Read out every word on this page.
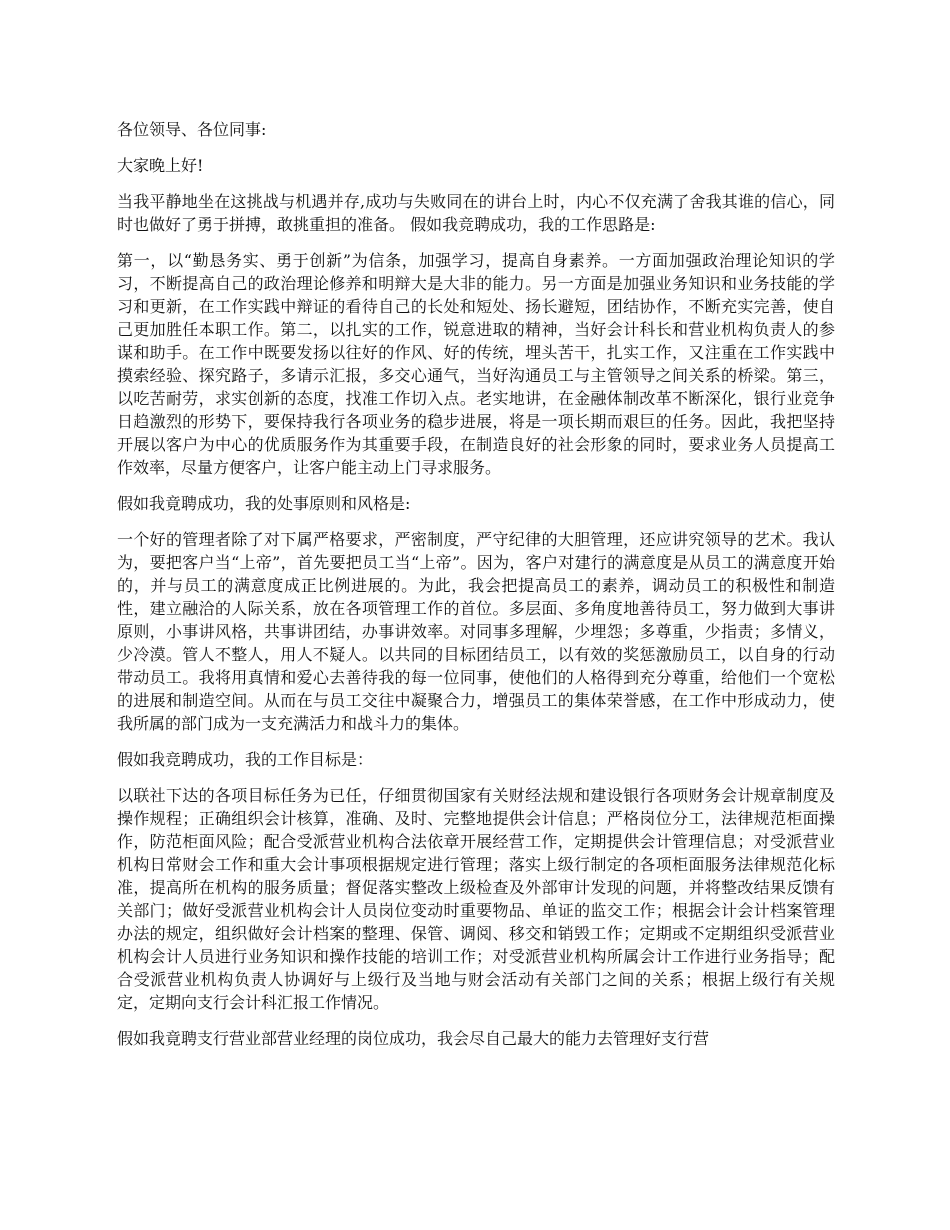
各位领导、各位同事:

大家晚上好!

当我平静地坐在这挑战与机遇并存,成功与失败同在的讲台上时，内心不仅充满了舍我其谁的信心，同时也做好了勇于拼搏，敢挑重担的准备。 假如我竞聘成功，我的工作思路是:

第一，以“勤恳务实、勇于创新”为信条，加强学习，提高自身素养。一方面加强政治理论知识的学习，不断提高自己的政治理论修养和明辩大是大非的能力。另一方面是加强业务知识和业务技能的学习和更新，在工作实践中辩证的看待自己的长处和短处、扬长避短，团结协作，不断充实完善，使自己更加胜任本职工作。第二，以扎实的工作，锐意进取的精神，当好会计科长和营业机构负责人的参谋和助手。在工作中既要发扬以往好的作风、好的传统，埋头苦干，扎实工作，又注重在工作实践中摸索经验、探究路子，多请示汇报，多交心通气，当好沟通员工与主管领导之间关系的桥梁。第三，以吃苦耐劳，求实创新的态度，找准工作切入点。老实地讲，在金融体制改革不断深化，银行业竞争日趋激烈的形势下，要保持我行各项业务的稳步进展，将是一项长期而艰巨的任务。因此，我把坚持开展以客户为中心的优质服务作为其重要手段，在制造良好的社会形象的同时，要求业务人员提高工作效率，尽量方便客户，让客户能主动上门寻求服务。

假如我竟聘成功，我的处事原则和风格是:

一个好的管理者除了对下属严格要求，严密制度，严守纪律的大胆管理，还应讲究领导的艺术。我认为，要把客户当“上帝”，首先要把员工当“上帝”。因为，客户对建行的满意度是从员工的满意度开始的，并与员工的满意度成正比例进展的。为此，我会把提高员工的素养，调动员工的积极性和制造性，建立融洽的人际关系，放在各项管理工作的首位。多层面、多角度地善待员工，努力做到大事讲原则，小事讲风格，共事讲团结，办事讲效率。对同事多理解，少埋怨；多尊重，少指责；多情义，少冷漠。管人不整人，用人不疑人。以共同的目标团结员工，以有效的奖惩激励员工，以自身的行动带动员工。我将用真情和爱心去善待我的每一位同事，使他们的人格得到充分尊重，给他们一个宽松的进展和制造空间。从而在与员工交往中凝聚合力，增强员工的集体荣誉感，在工作中形成动力，使我所属的部门成为一支充满活力和战斗力的集体。

假如我竞聘成功，我的工作目标是：

以联社下达的各项目标任务为已任，仔细贯彻国家有关财经法规和建设银行各项财务会计规章制度及操作规程；正确组织会计核算，准确、及时、完整地提供会计信息；严格岗位分工，法律规范柜面操作，防范柜面风险；配合受派营业机构合法依章开展经营工作，定期提供会计管理信息；对受派营业机构日常财会工作和重大会计事项根据规定进行管理；落实上级行制定的各项柜面服务法律规范化标准，提高所在机构的服务质量；督促落实整改上级检查及外部审计发现的问题，并将整改结果反馈有关部门；做好受派营业机构会计人员岗位变动时重要物品、单证的监交工作；根据会计会计档案管理办法的规定，组织做好会计档案的整理、保管、调阅、移交和销毁工作；定期或不定期组织受派营业机构会计人员进行业务知识和操作技能的培训工作；对受派营业机构所属会计工作进行业务指导；配合受派营业机构负责人协调好与上级行及当地与财会活动有关部门之间的关系；根据上级行有关规定，定期向支行会计科汇报工作情况。

假如我竟聘支行营业部营业经理的岗位成功，我会尽自己最大的能力去管理好支行营
